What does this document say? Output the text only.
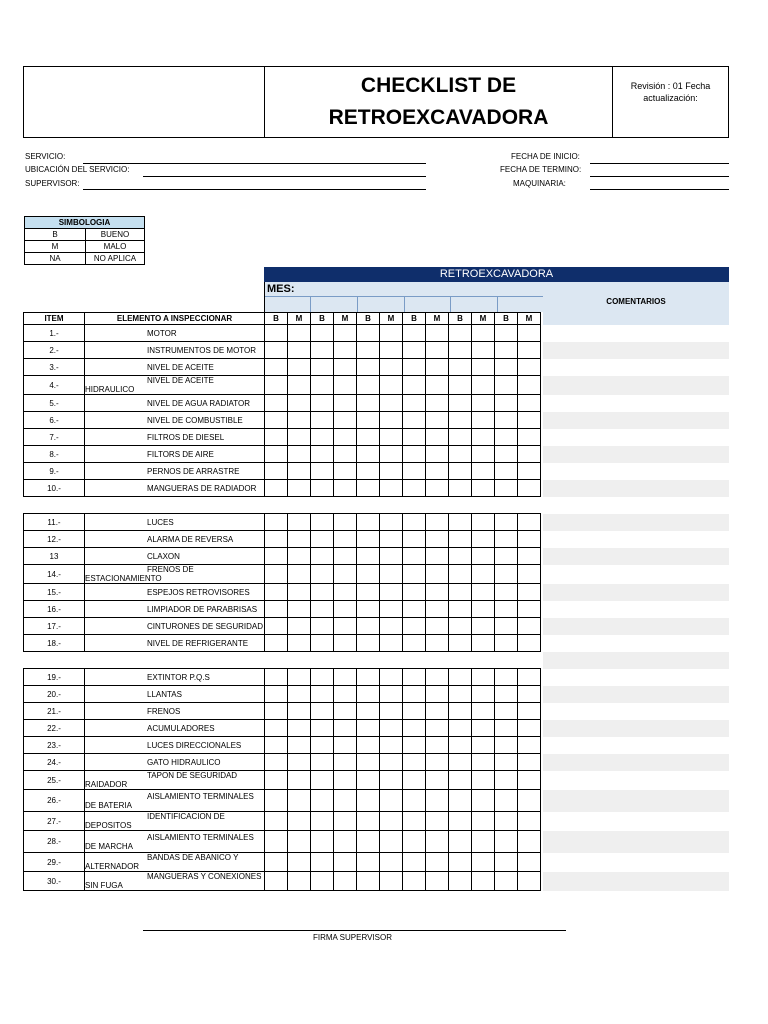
CHECKLIST DE
RETROEXCAVADORA
Revisión : 01 Fecha actualización:
SERVICIO:
UBICACIÓN DEL SERVICIO:
SUPERVISOR:
FECHA DE INICIO:
FECHA DE TERMINO:
MAQUINARIA:
SIMBOLOGIA	
B	BUENO
M	MALO
NA	NO APLICA
RETROEXCAVADORA
MES:
COMENTARIOS
ITEM	ELEMENTO A INSPECCIONAR	B	M	B	M	B	M	B	M	B	M	B	M
1.-	MOTOR												
2.-	INSTRUMENTOS DE MOTOR												
3.-	NIVEL DE ACEITE												
4.-	NIVEL DE ACEITE HIDRAULICO												
5.-	NIVEL DE AGUA RADIATOR												
6.-	NIVEL DE COMBUSTIBLE												
7.-	FILTROS DE DIESEL												
8.-	FILTORS DE AIRE												
9.-	PERNOS DE ARRASTRE												
10.-	MANGUERAS DE RADIADOR												

11.-	LUCES												
12.-	ALARMA DE REVERSA												
13	CLAXON												
14.-	FRENOS DE ESTACIONAMIENTO												
15.-	ESPEJOS RETROVISORES												
16.-	LIMPIADOR DE PARABRISAS												
17.-	CINTURONES DE SEGURIDAD												
18.-	NIVEL DE REFRIGERANTE												

19.-	EXTINTOR P.Q.S												
20.-	LLANTAS												
21.-	FRENOS												
22.-	ACUMULADORES												
23.-	LUCES DIRECCIONALES												
24.-	GATO HIDRAULICO												
25.-	TAPON DE SEGURIDAD RAIDADOR												
26.-	AISLAMIENTO TERMINALES DE BATERIA												
27.-	IDENTIFICACION DE DEPOSITOS												
28.-	AISLAMIENTO TERMINALES DE MARCHA												
29.-	BANDAS DE ABANICO Y ALTERNADOR												
30.-	MANGUERAS Y CONEXIONES SIN FUGA												
FIRMA SUPERVISOR
